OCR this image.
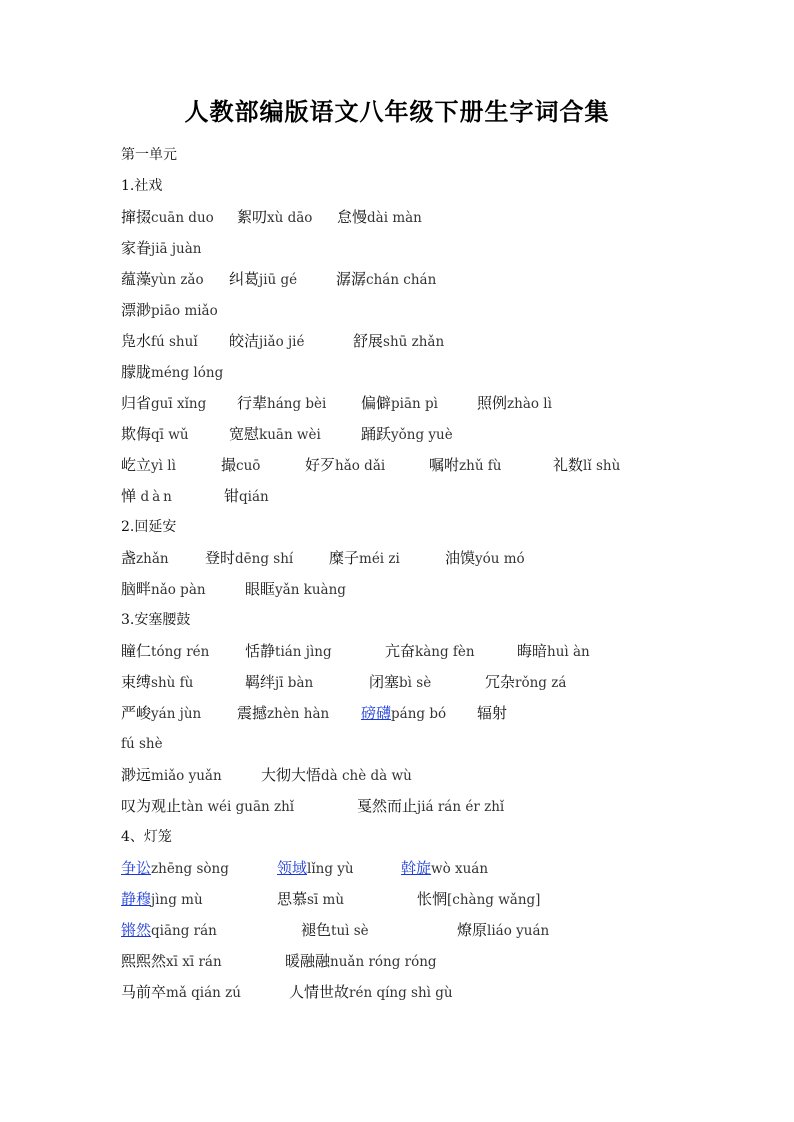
人教部编版语文八年级下册生字词合集
第一单元
1.社戏
撺掇cuān duo 絮叨xù dāo 怠慢dài màn
家眷jiā juàn
蕴藻yùn zǎo 纠葛jiū gé	潺潺chán chán
漂渺piāo miǎo
凫水fú shuǐ 皎洁jiǎo jié	舒展shū zhǎn
朦胧méng lóng
归省guī xǐng 行辈háng bèi 偏僻piān pì	照例zhào lì
欺侮qī wǔ	宽慰kuān wèi	踊跃yǒng yuè
屹立yì lì	撮cuō	好歹hǎo dǎi	嘱咐zhǔ fù	礼数lǐ shù
惮 dàn	钳qián
2.回延安
盏zhǎn 登时dēng shí 糜子méi zi	油馍yóu mó
脑畔nǎo pàn	眼眶yǎn kuàng
3.安塞腰鼓
瞳仁tóng rén 恬静tián jìng	亢奋kàng fèn	晦暗huì àn
束缚shù fù	羁绊jī bàn	闭塞bì sè	冗杂rǒng zá
严峻yán jùn 震撼zhèn hàn 磅礴páng bó 辐射
fú shè
渺远miǎo yuǎn	大彻大悟dà chè dà wù
叹为观止tàn wéi guān zhǐ	戛然而止jiá rán ér zhǐ
4、灯笼
争讼zhēng sòng	领域lǐng yù	斡旋wò xuán
静穆jìng mù	思慕sī mù	怅惘[chàng wǎng]
锵然qiāng rán	褪色tuì sè	燎原liáo yuán
熙熙然xī xī rán	暖融融nuǎn róng róng
马前卒mǎ qián zú	人情世故rén qíng shì gù
